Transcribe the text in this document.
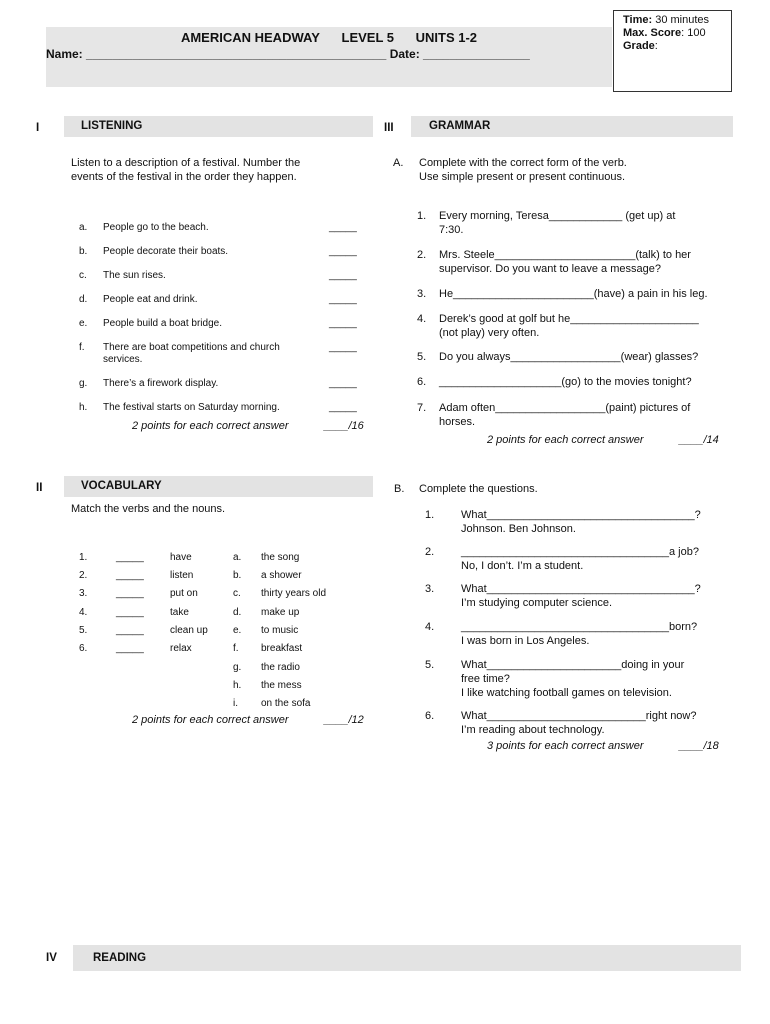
AMERICAN HEADWAY LEVEL 5 UNITS 1-2
Name: _____________________________________________ Date: ________________
Time: 30 minutes
Max. Score: 100
Grade:
I	LISTENING
Listen to a description of a festival. Number the
events of the festival in the order they happen.
a. People go to the beach.	_____
b. People decorate their boats.	_____
c. The sun rises.	_____
d. People eat and drink.	_____
e. People build a boat bridge.	_____
f. There are boat competitions and church
services.
_____
g. There’s a firework display.	_____
h. The festival starts on Saturday morning.	_____
2 points for each correct answer	____/16
II	VOCABULARY
Match the verbs and the nouns.
1.	_____	have
2.	_____	listen
3.	_____	put on
4.	_____	take
5.	_____	clean up
6.	_____	relax
a. the song
b. a shower
c. thirty years old
d. make up
e. to music
f. breakfast
g. the radio
h. the mess
i. on the sofa
2 points for each correct answer	____/12
III	GRAMMAR
A. Complete with the correct form of the verb.
Use simple present or present continuous.
1. Every morning, Teresa____________ (get up) at
7:30.
2. Mrs. Steele_______________________(talk) to her
supervisor. Do you want to leave a message?
3. He_______________________(have) a pain in his leg.
4. Derek’s good at golf but he_____________________
(not play) very often.
5. Do you always__________________(wear) glasses?
6. ____________________(go) to the movies tonight?
7. Adam often__________________(paint) pictures of
horses.
2 points for each correct answer	____/14
B. Complete the questions.
1. What__________________________________?
Johnson. Ben Johnson.
2. __________________________________a job?
No, I don’t. I’m a student.
3. What__________________________________?
I’m studying computer science.
4. __________________________________born?
I was born in Los Angeles.
5. What______________________doing in your
free time?
I like watching football games on television.
6. What__________________________right now?
I’m reading about technology.
3 points for each correct answer	____/18
IV	READING
